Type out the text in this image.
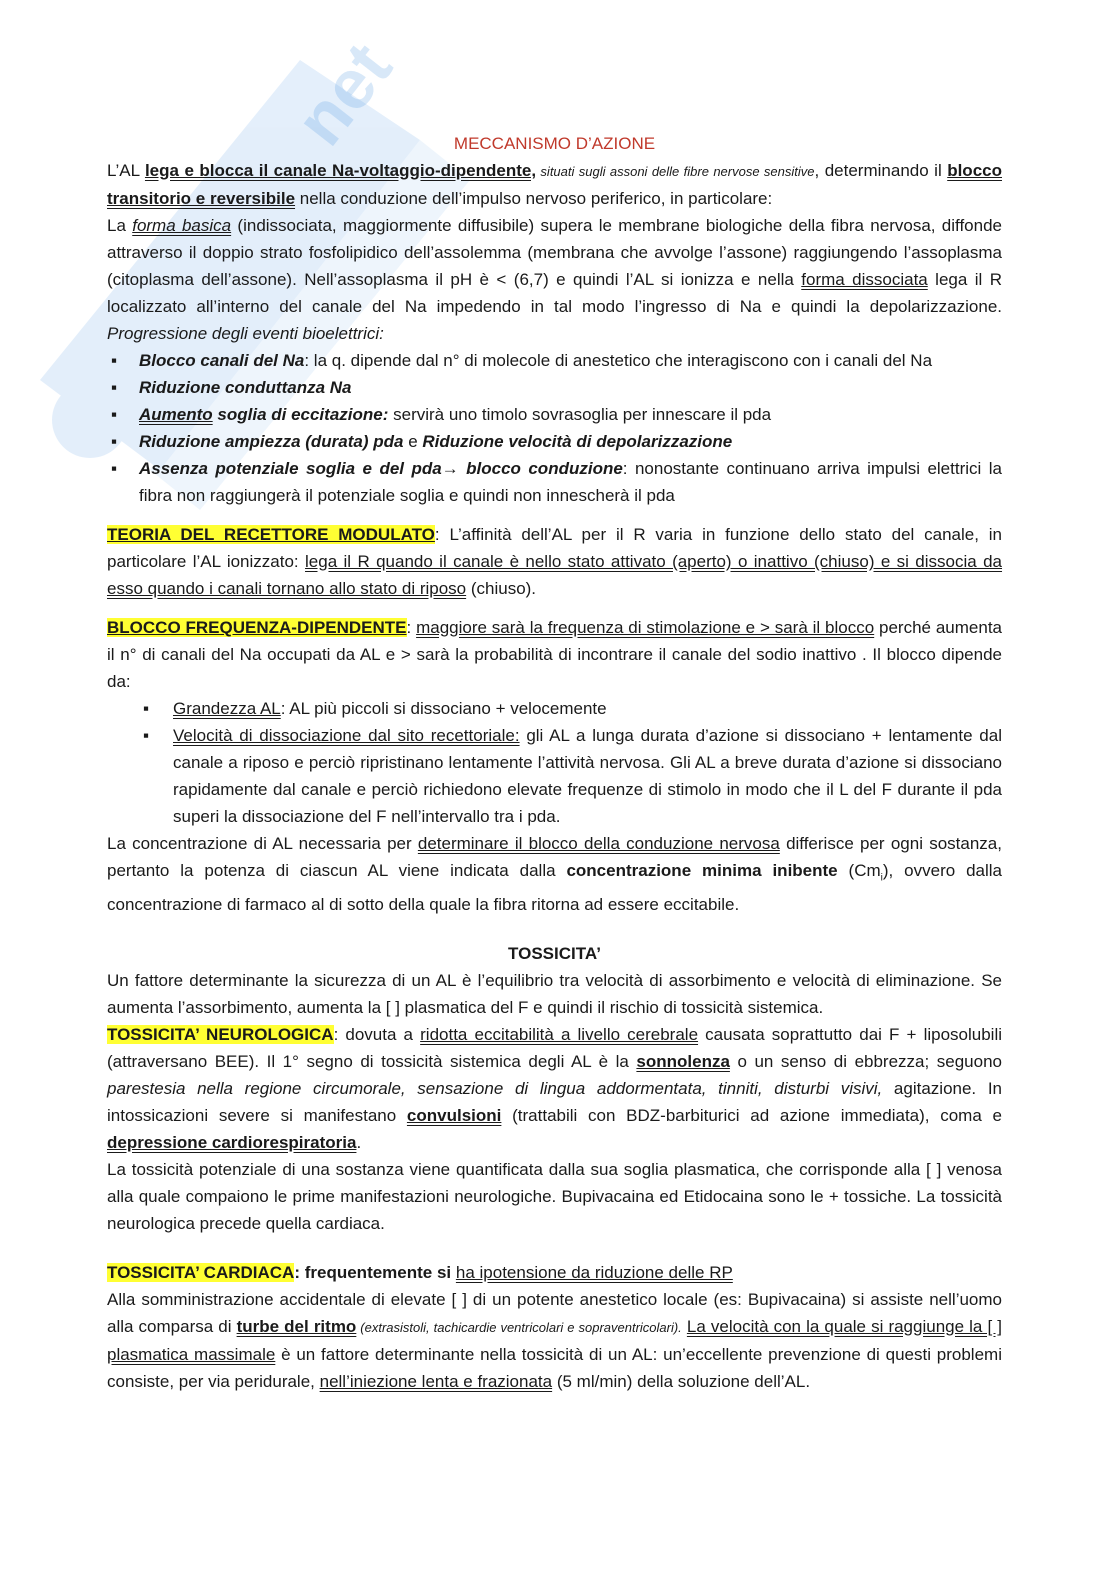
net	MECCANISMO D’AZIONE

L’AL lega e blocca il canale Na-voltaggio-dipendente, situati sugli assoni delle fibre nervose sensitive, determinando il blocco transitorio e reversibile nella conduzione dell’impulso nervoso periferico, in particolare:

La forma basica (indissociata, maggiormente diffusibile) supera le membrane biologiche della fibra nervosa, diffonde attraverso il doppio strato fosfolipidico dell’assolemma (membrana che avvolge l’assone) raggiungendo l’assoplasma (citoplasma dell’assone). Nell’assoplasma il pH è < (6,7) e quindi l’AL si ionizza e nella forma dissociata lega il R localizzato all’interno del canale del Na impedendo in tal modo l’ingresso di Na e quindi la depolarizzazione. Progressione degli eventi bioelettrici:

▪ Blocco canali del Na: la q. dipende dal n° di molecole di anestetico che interagiscono con i canali del Na
▪ Riduzione conduttanza Na
▪ Aumento soglia di eccitazione: servirà uno timolo sovrasoglia per innescare il pda
▪ Riduzione ampiezza (durata) pda e Riduzione velocità di depolarizzazione
▪ Assenza potenziale soglia e del pda→ blocco conduzione: nonostante continuano arriva impulsi elettrici la fibra non raggiungerà il potenziale soglia e quindi non innescherà il pda

TEORIA DEL RECETTORE MODULATO: L’affinità dell’AL per il R varia in funzione dello stato del canale, in particolare l’AL ionizzato: lega il R quando il canale è nello stato attivato (aperto) o inattivo (chiuso) e si dissocia da esso quando i canali tornano allo stato di riposo (chiuso).

BLOCCO FREQUENZA-DIPENDENTE: maggiore sarà la frequenza di stimolazione e > sarà il blocco perché aumenta il n° di canali del Na occupati da AL e > sarà la probabilità di incontrare il canale del sodio inattivo . Il blocco dipende da:

▪ Grandezza AL: AL più piccoli si dissociano + velocemente
▪ Velocità di dissociazione dal sito recettoriale: gli AL a lunga durata d’azione si dissociano + lentamente dal canale a riposo e perciò ripristinano lentamente l’attività nervosa. Gli AL a breve durata d’azione si dissociano rapidamente dal canale e perciò richiedono elevate frequenze di stimolo in modo che il L del F durante il pda superi la dissociazione del F nell’intervallo tra i pda.

La concentrazione di AL necessaria per determinare il blocco della conduzione nervosa differisce per ogni sostanza, pertanto la potenza di ciascun AL viene indicata dalla concentrazione minima inibente $(Cm_i)$, ovvero dalla concentrazione di farmaco al di sotto della quale la fibra ritorna ad essere eccitabile.

TOSSICITA’

Un fattore determinante la sicurezza di un AL è l’equilibrio tra velocità di assorbimento e velocità di eliminazione. Se aumenta l’assorbimento, aumenta la [ ] plasmatica del F e quindi il rischio di tossicità sistemica.

TOSSICITA’ NEUROLOGICA: dovuta a ridotta eccitabilità a livello cerebrale causata soprattutto dai F + liposolubili (attraversano BEE). Il 1° segno di tossicità sistemica degli AL è la sonnolenza o un senso di ebbrezza; seguono parestesia nella regione circumorale, sensazione di lingua addormentata, tinniti, disturbi visivi, agitazione. In intossicazioni severe si manifestano convulsioni (trattabili con BDZ-barbiturici ad azione immediata), coma e depressione cardiorespiratoria.

La tossicità potenziale di una sostanza viene quantificata dalla sua soglia plasmatica, che corrisponde alla [ ] venosa alla quale compaiono le prime manifestazioni neurologiche. Bupivacaina ed Etidocaina sono le + tossiche. La tossicità neurologica precede quella cardiaca.

TOSSICITA’ CARDIACA: frequentemente si ha ipotensione da riduzione delle RP

Alla somministrazione accidentale di elevate [ ] di un potente anestetico locale (es: Bupivacaina) si assiste nell’uomo alla comparsa di turbe del ritmo (extrasistoli, tachicardie ventricolari e sopraventricolari). La velocità con la quale si raggiunge la [ ] plasmatica massimale è un fattore determinante nella tossicità di un AL: un’eccellente prevenzione di questi problemi consiste, per via peridurale, nell’iniezione lenta e frazionata (5 ml/min) della soluzione dell’AL.
